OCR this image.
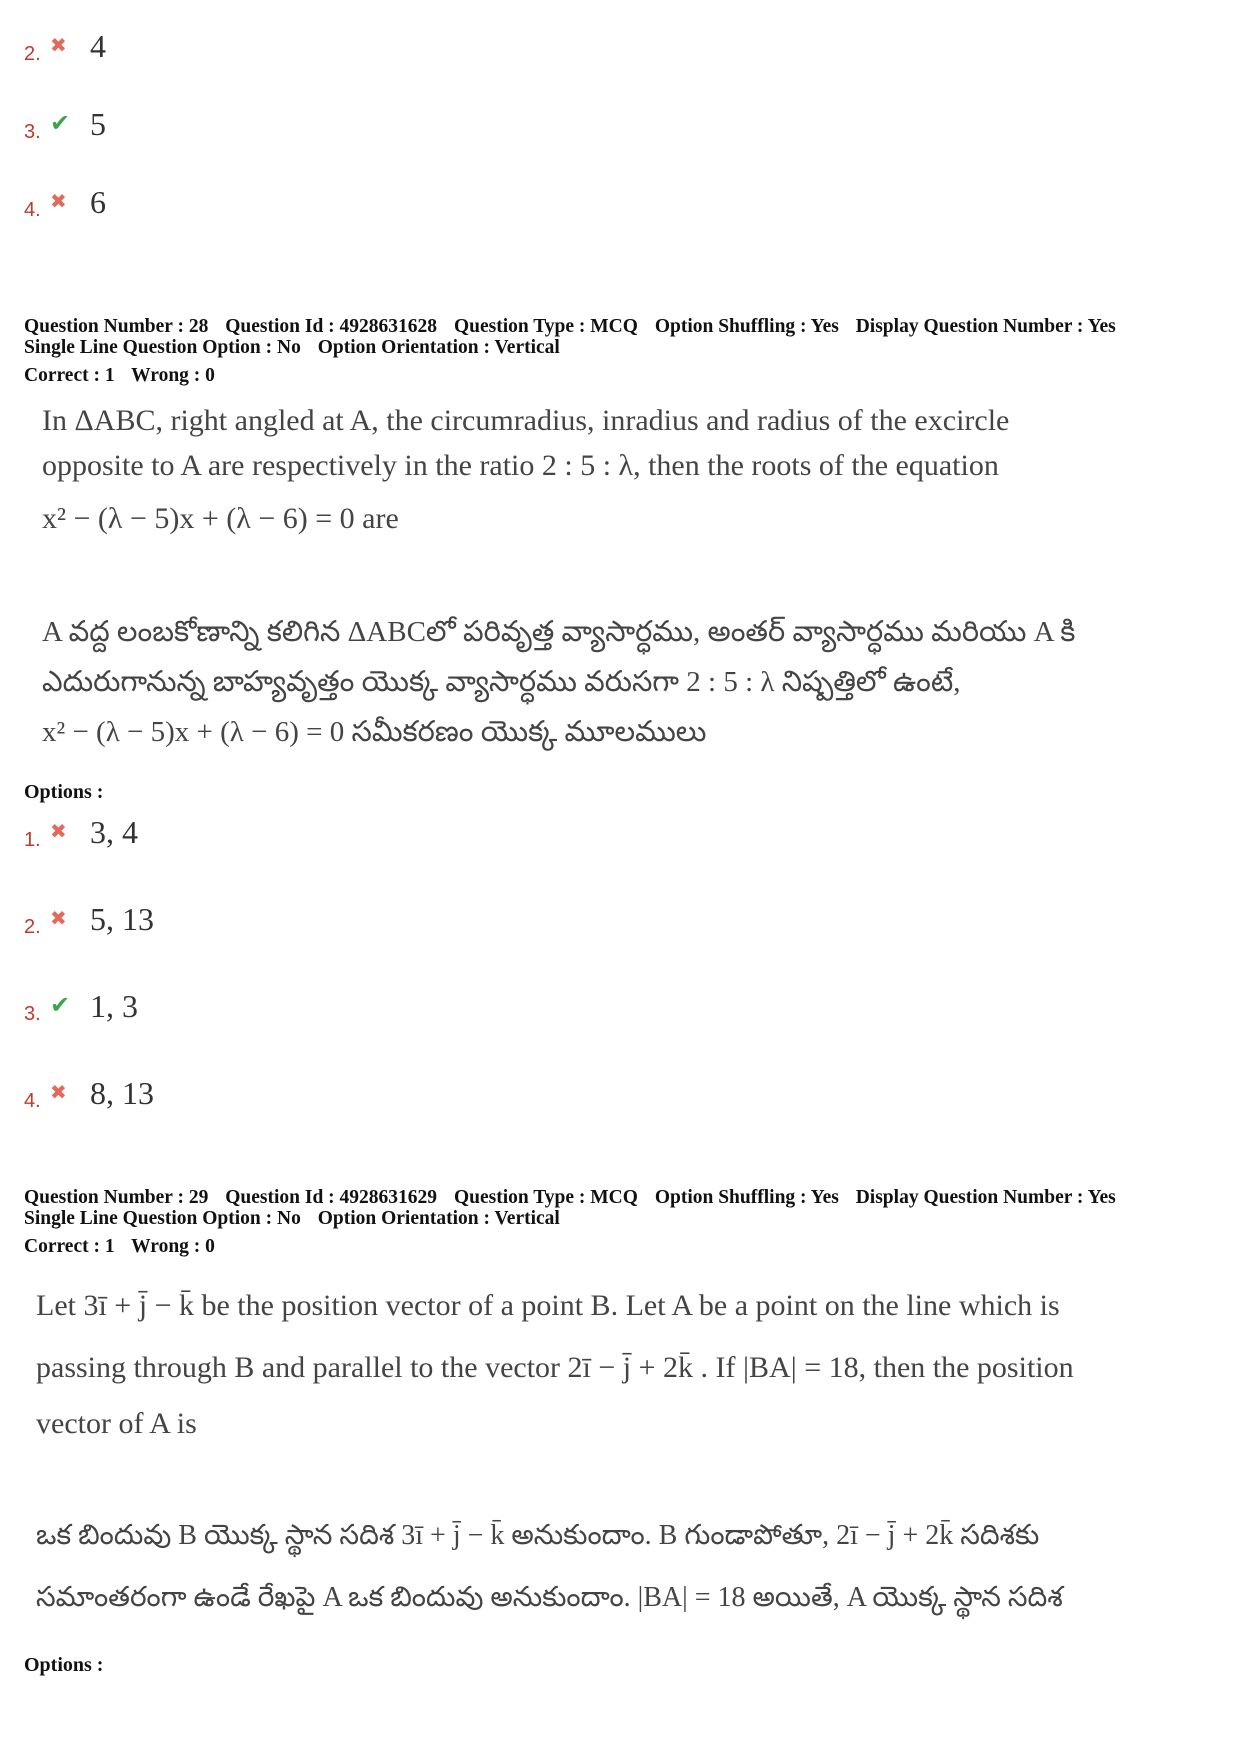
2. ✖ 4
3. ✔ 5
4. ✖ 6
Question Number : 28 Question Id : 4928631628 Question Type : MCQ Option Shuffling : Yes Display Question Number : Yes
Single Line Question Option : No Option Orientation : Vertical
Correct : 1 Wrong : 0
In ΔABC, right angled at A, the circumradius, inradius and radius of the excircle
opposite to A are respectively in the ratio 2 : 5 : λ, then the roots of the equation
x² − (λ − 5)x + (λ − 6) = 0 are
A వద్ద లంబకోణాన్ని కలిగిన ΔABCలో పరివృత్త వ్యాసార్ధము, అంతర్ వ్యాసార్ధము మరియు A కి
ఎదురుగానున్న బాహ్యవృత్తం యొక్క వ్యాసార్ధము వరుసగా 2 : 5 : λ నిష్పత్తిలో ఉంటే,
x² − (λ − 5)x + (λ − 6) = 0 సమీకరణం యొక్క మూలములు
Options :
1. ✖ 3, 4
2. ✖ 5, 13
3. ✔ 1, 3
4. ✖ 8, 13
Question Number : 29 Question Id : 4928631629 Question Type : MCQ Option Shuffling : Yes Display Question Number : Yes
Single Line Question Option : No Option Orientation : Vertical
Correct : 1 Wrong : 0
Let 3ī + j̄ − k̄ be the position vector of a point B. Let A be a point on the line which is
passing through B and parallel to the vector 2ī − j̄ + 2k̄ . If |BA| = 18, then the position
vector of A is
ఒక బిందువు B యొక్క స్థాన సదిశ 3ī + j̄ − k̄ అనుకుందాం. B గుండాపోతూ, 2ī − j̄ + 2k̄ సదిశకు
సమాంతరంగా ఉండే రేఖపై A ఒక బిందువు అనుకుందాం. |BA| = 18 అయితే, A యొక్క స్థాన సదిశ
Options :
